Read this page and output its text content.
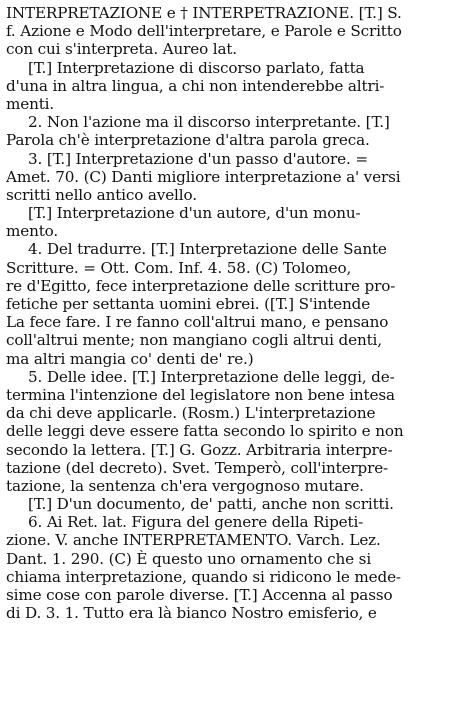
INTERPRETAZIONE e † INTERPETRAZIONE. [T.] S.
f. Azione e Modo dell'interpretare, e Parole e Scritto
con cui s'interpreta. Aureo lat.
[T.] Interpretazione di discorso parlato, fatta
d'una in altra lingua, a chi non intenderebbe altri-
menti.
2. Non l'azione ma il discorso interpretante. [T.]
Parola ch'è interpretazione d'altra parola greca.
3. [T.] Interpretazione d'un passo d'autore. =
Amet. 70. (C) Danti migliore interpretazione a' versi
scritti nello antico avello.
[T.] Interpretazione d'un autore, d'un monu-
mento.
4. Del tradurre. [T.] Interpretazione delle Sante
Scritture. = Ott. Com. Inf. 4. 58. (C) Tolomeo,
re d'Egitto, fece interpretazione delle scritture pro-
fetiche per settanta uomini ebrei. ([T.] S'intende
La fece fare. I re fanno coll'altrui mano, e pensano
coll'altrui mente; non mangiano cogli altrui denti,
ma altri mangia co' denti de' re.)
5. Delle idee. [T.] Interpretazione delle leggi, de-
termina l'intenzione del legislatore non bene intesa
da chi deve applicarle. (Rosm.) L'interpretazione
delle leggi deve essere fatta secondo lo spirito e non
secondo la lettera. [T.] G. Gozz. Arbitraria interpre-
tazione (del decreto). Svet. Temperò, coll'interpre-
tazione, la sentenza ch'era vergognoso mutare.
[T.] D'un documento, de' patti, anche non scritti.
6. Ai Ret. lat. Figura del genere della Ripeti-
zione. V. anche INTERPRETAMENTO. Varch. Lez.
Dant. 1. 290. (C) È questo uno ornamento che si
chiama interpretazione, quando si ridicono le mede-
sime cose con parole diverse. [T.] Accenna al passo
di D. 3. 1. Tutto era là bianco Nostro emisferio, e
